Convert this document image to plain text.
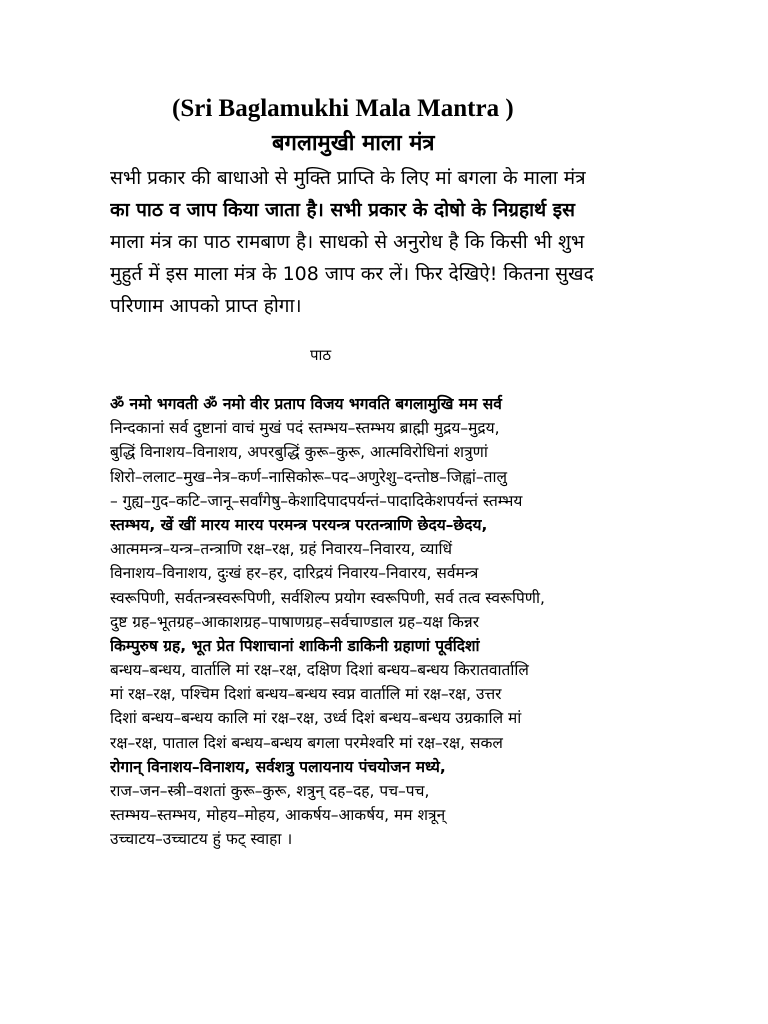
(Sri Baglamukhi Mala Mantra )
बगलामुखी माला मंत्र
सभी प्रकार की बाधाओ से मुक्ति प्राप्ति के लिए मां बगला के माला मंत्र
का पाठ व जाप किया जाता है। सभी प्रकार के दोषो के निग्रहार्थ इस
माला मंत्र का पाठ रामबाण है। साधको से अनुरोध है कि किसी भी शुभ
मुहुर्त में इस माला मंत्र के 108 जाप कर लें। फिर देखिऐ! कितना सुखद
परिणाम आपको प्राप्त होगा।
पाठ
ॐ नमो भगवती ॐ नमो वीर प्रताप विजय भगवति बगलामुखि मम सर्व
निन्दकानां सर्व दुष्टानां वाचं मुखं पदं स्तम्भय–स्तम्भय ब्राह्मी मुद्रय–मुद्रय,
बुद्धिं विनाशय–विनाशय, अपरबुद्धिं कुरू–कुरू, आत्मविरोधिनां शत्रुणां
शिरो–ललाट–मुख–नेत्र–कर्ण–नासिकोरू–पद–अणुरेशु–दन्तोष्ठ–जिह्वां–तालु
– गुह्य–गुद–कटि–जानू–सर्वांगेषु–केशादिपादपर्यन्तं–पादादिकेशपर्यन्तं स्तम्भय
स्तम्भय, खें खीं मारय मारय परमन्त्र परयन्त्र परतन्त्राणि छेदय–छेदय,
आत्ममन्त्र–यन्त्र–तन्त्राणि रक्ष–रक्ष, ग्रहं निवारय–निवारय, व्याधिं
विनाशय–विनाशय, दुःखं हर–हर, दारिद्रयं निवारय–निवारय, सर्वमन्त्र
स्वरूपिणी, सर्वतन्त्रस्वरूपिणी, सर्वशिल्प प्रयोग स्वरूपिणी, सर्व तत्व स्वरूपिणी,
दुष्ट ग्रह–भूतग्रह–आकाशग्रह–पाषाणग्रह–सर्वचाण्डाल ग्रह–यक्ष किन्नर
किम्पुरुष ग्रह, भूत प्रेत पिशाचानां शाकिनी डाकिनी ग्रहाणां पूर्वदिशां
बन्धय–बन्धय, वार्तालि मां रक्ष–रक्ष, दक्षिण दिशां बन्धय–बन्धय किरातवार्तालि
मां रक्ष–रक्ष, पश्चिम दिशां बन्धय–बन्धय स्वप्न वार्तालि मां रक्ष–रक्ष, उत्तर
दिशां बन्धय–बन्धय कालि मां रक्ष–रक्ष, उर्ध्व दिशं बन्धय–बन्धय उग्रकालि मां
रक्ष–रक्ष, पाताल दिशं बन्धय–बन्धय बगला परमेश्वरि मां रक्ष–रक्ष, सकल
रोगान् विनाशय–विनाशय, सर्वशत्रु पलायनाय पंचयोजन मध्ये,
राज–जन–स्त्री–वशतां कुरू–कुरू, शत्रुन् दह–दह, पच–पच,
स्तम्भय–स्तम्भय, मोहय–मोहय, आकर्षय–आकर्षय, मम शत्रून्
उच्चाटय–उच्चाटय हुं फट् स्वाहा ।
